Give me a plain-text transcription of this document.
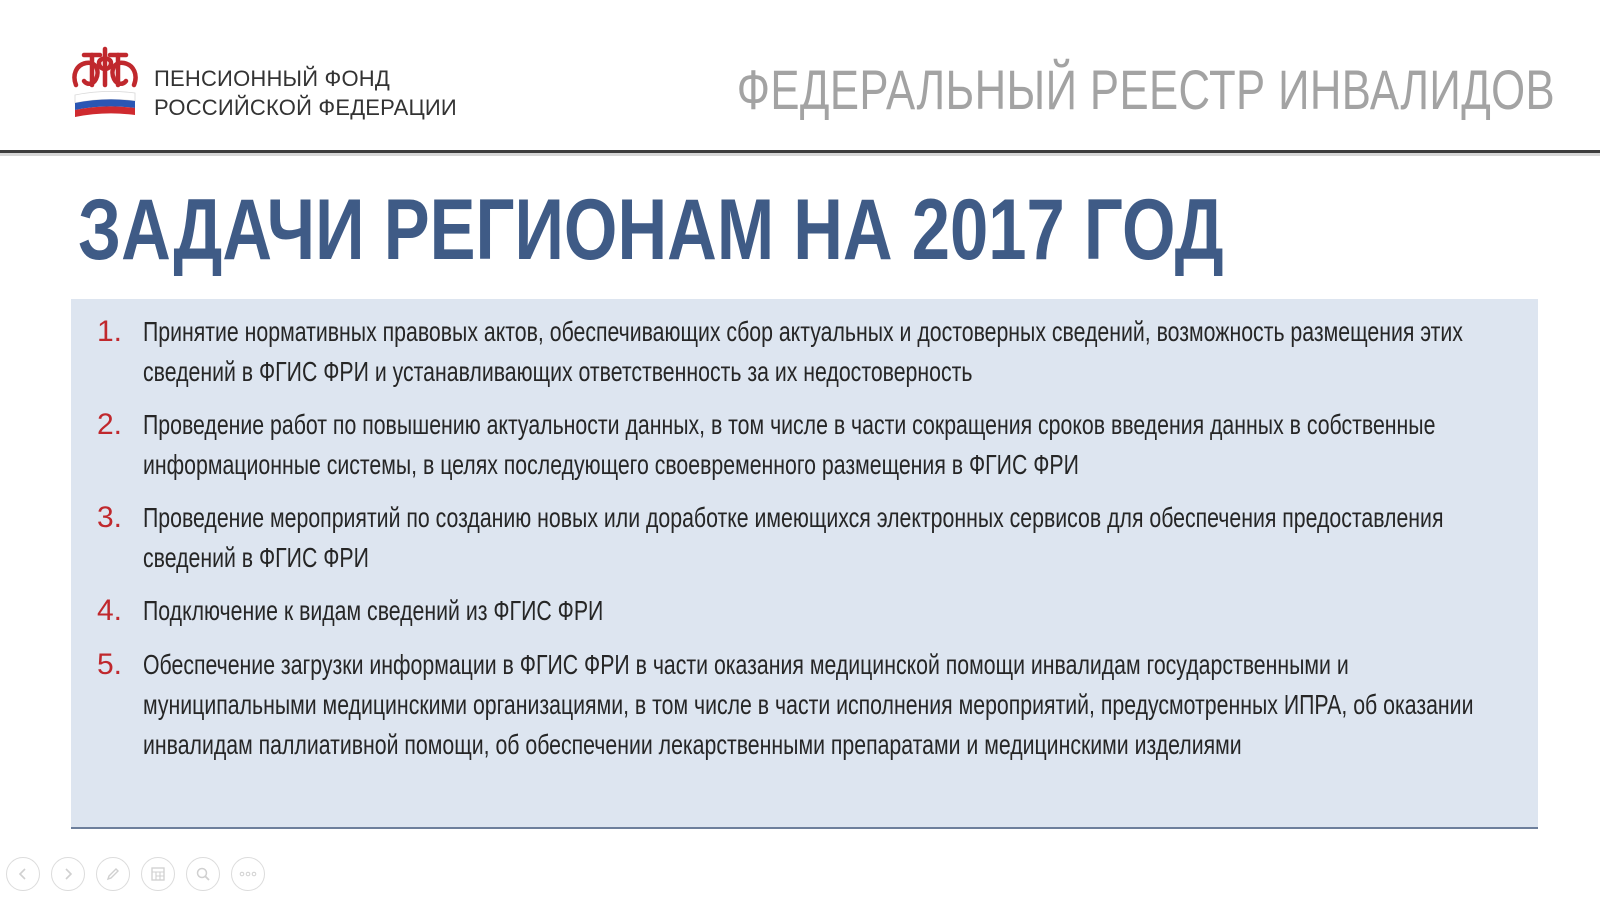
ПЕНСИОННЫЙ ФОНД
РОССИЙСКОЙ ФЕДЕРАЦИИ	ФЕДЕРАЛЬНЫЙ РЕЕСТР ИНВАЛИДОВ
ЗАДАЧИ РЕГИОНАМ НА 2017 ГОД
1. Принятие нормативных правовых актов, обеспечивающих сбор актуальных и достоверных сведений, возможность размещения этих сведений в ФГИС ФРИ и устанавливающих ответственность за их недостоверность
2. Проведение работ по повышению актуальности данных, в том числе в части сокращения сроков введения данных в собственные информационные системы, в целях последующего своевременного размещения в ФГИС ФРИ
3. Проведение мероприятий по созданию новых или доработке имеющихся электронных сервисов для обеспечения предоставления сведений в ФГИС ФРИ
4. Подключение к видам сведений из ФГИС ФРИ
5. Обеспечение загрузки информации в ФГИС ФРИ в части оказания медицинской помощи инвалидам государственными и муниципальными медицинскими организациями, в том числе в части исполнения мероприятий, предусмотренных ИПРА, об оказании инвалидам паллиативной помощи, об обеспечении лекарственными препаратами и медицинскими изделиями
